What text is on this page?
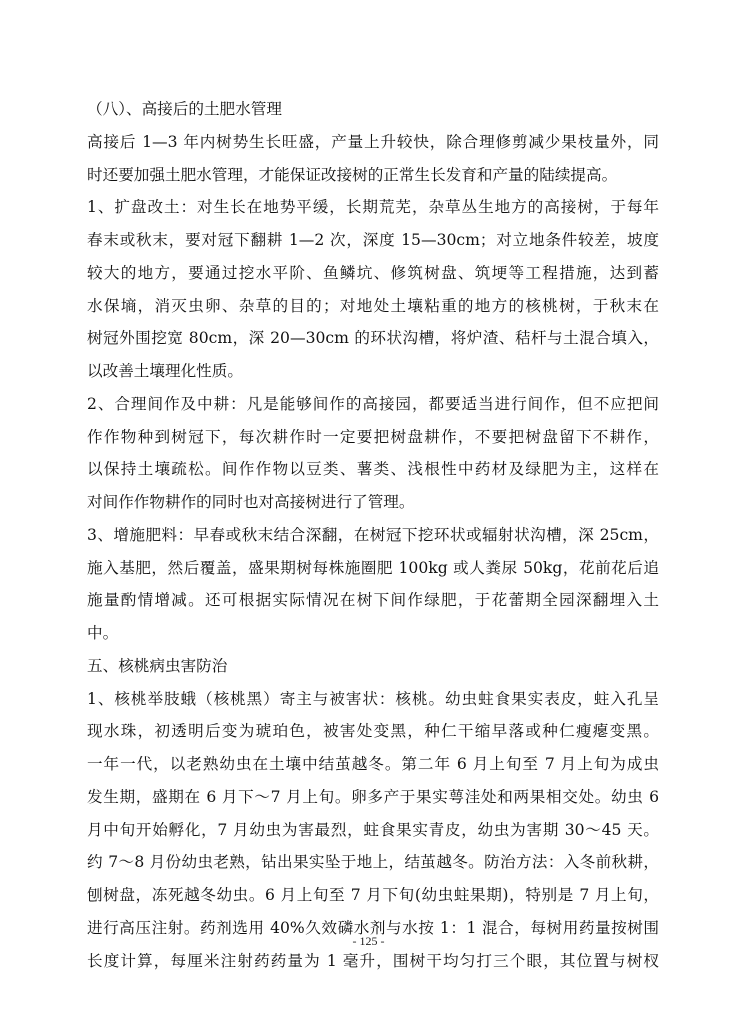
（八）、高接后的土肥水管理
高接后 1—3 年内树势生长旺盛，产量上升较快，除合理修剪减少果枝量外，同
时还要加强土肥水管理，才能保证改接树的正常生长发育和产量的陆续提高。
1、扩盘改土：对生长在地势平缓，长期荒芜，杂草丛生地方的高接树，于每年
春末或秋末，要对冠下翻耕 1—2 次，深度 15—30cm；对立地条件较差，坡度
较大的地方，要通过挖水平阶、鱼鳞坑、修筑树盘、筑埂等工程措施，达到蓄
水保墒，消灭虫卵、杂草的目的；对地处土壤粘重的地方的核桃树，于秋末在
树冠外围挖宽 80cm，深 20—30cm 的环状沟槽，将炉渣、秸杆与土混合填入，
以改善土壤理化性质。
2、合理间作及中耕：凡是能够间作的高接园，都要适当进行间作，但不应把间
作作物种到树冠下，每次耕作时一定要把树盘耕作，不要把树盘留下不耕作，
以保持土壤疏松。间作作物以豆类、薯类、浅根性中药材及绿肥为主，这样在
对间作作物耕作的同时也对高接树进行了管理。
3、增施肥料：早春或秋末结合深翻，在树冠下挖环状或辐射状沟槽，深 25cm，
施入基肥，然后覆盖，盛果期树每株施圈肥 100kg 或人粪尿 50kg，花前花后追
施量酌情增减。还可根据实际情况在树下间作绿肥，于花蕾期全园深翻埋入土
中。
五、核桃病虫害防治
1、核桃举肢蛾（核桃黑）寄主与被害状：核桃。幼虫蛀食果实表皮，蛀入孔呈
现水珠，初透明后变为琥珀色，被害处变黑，种仁干缩早落或种仁瘦瘪变黑。
一年一代，以老熟幼虫在土壤中结茧越冬。第二年 6 月上旬至 7 月上旬为成虫
发生期，盛期在 6 月下～7 月上旬。卵多产于果实萼洼处和两果相交处。幼虫 6
月中旬开始孵化，7 月幼虫为害最烈，蛀食果实青皮，幼虫为害期 30～45 天。
约 7～8 月份幼虫老熟，钻出果实坠于地上，结茧越冬。防治方法：入冬前秋耕，
刨树盘，冻死越冬幼虫。6 月上旬至 7 月下旬(幼虫蛀果期)，特别是 7 月上旬，
进行高压注射。药剂选用 40%久效磷水剂与水按 1：1 混合，每树用药量按树围
长度计算，每厘米注射药药量为 1 毫升，围树干均匀打三个眼，其位置与树杈
- 125 -
